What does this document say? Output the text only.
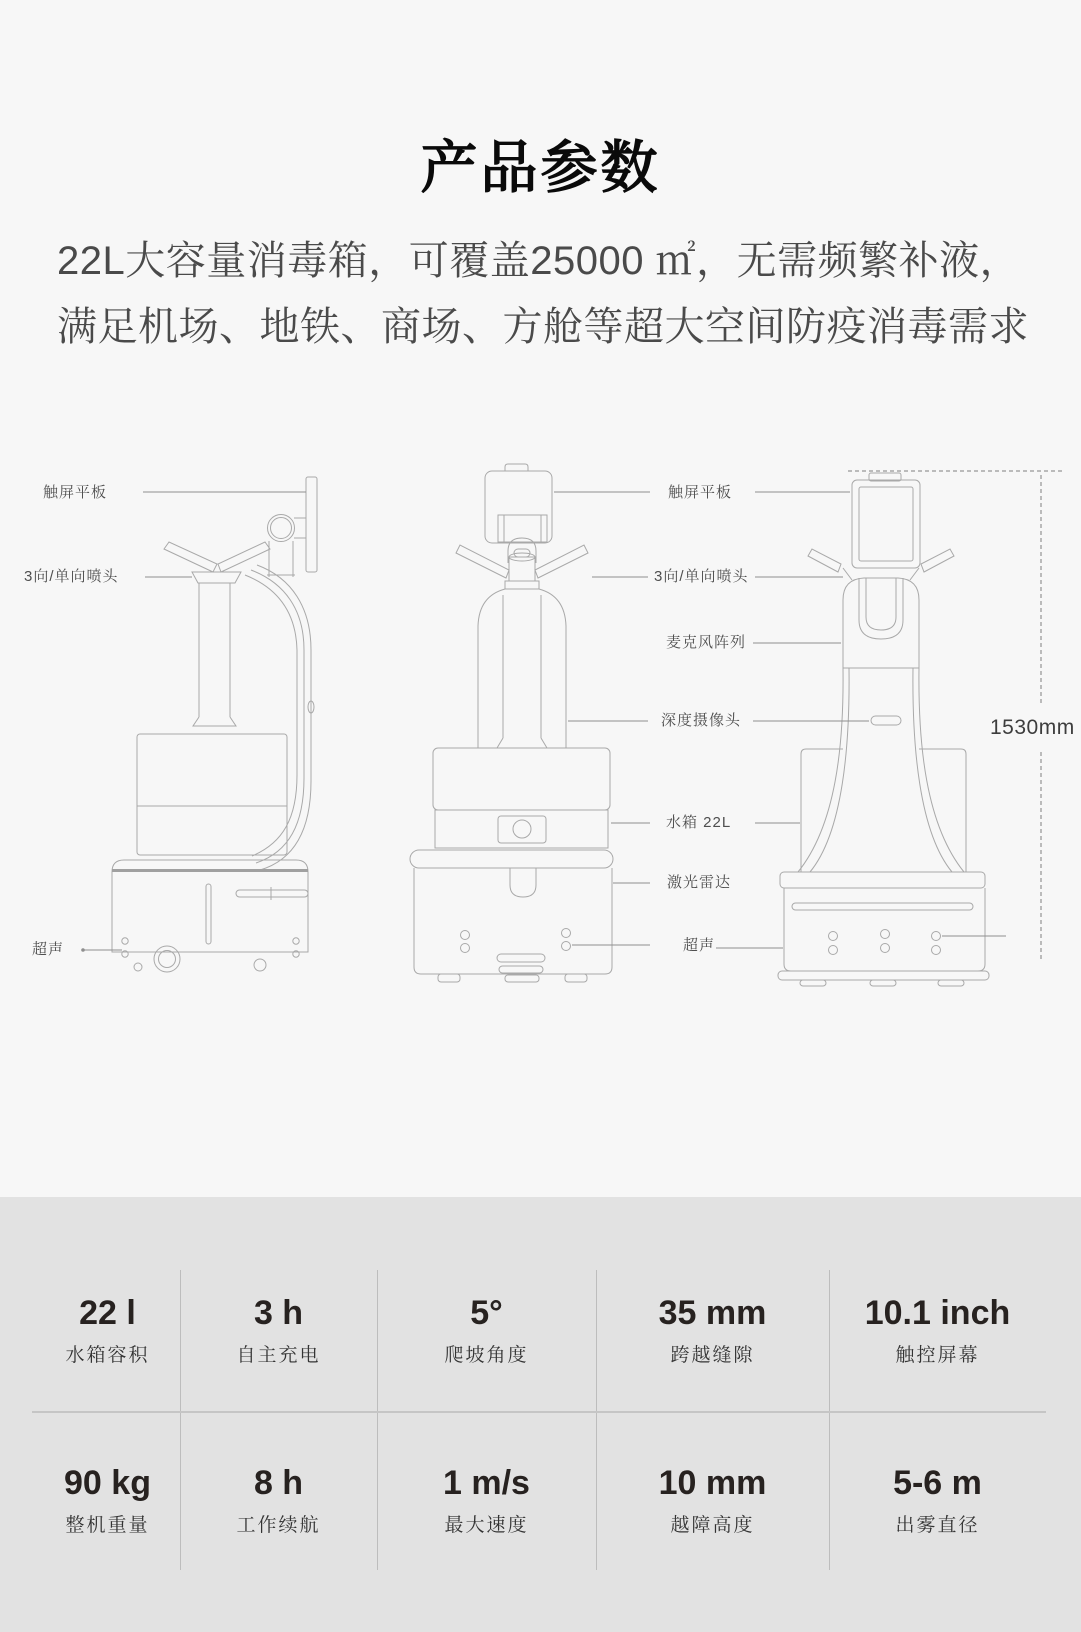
产品参数
22L大容量消毒箱，可覆盖25000 ㎡，无需频繁补液，
满足机场、地铁、商场、方舱等超大空间防疫消毒需求
触屏平板
3向/单向喷头
超声
触屏平板
3向/单向喷头
麦克风阵列
深度摄像头
水箱 22L
激光雷达
超声
1530mm
22 l
水箱容积
3 h
自主充电
5°
爬坡角度
35 mm
跨越缝隙
10.1 inch
触控屏幕
90 kg
整机重量
8 h
工作续航
1 m/s
最大速度
10 mm
越障高度
5-6 m
出雾直径
